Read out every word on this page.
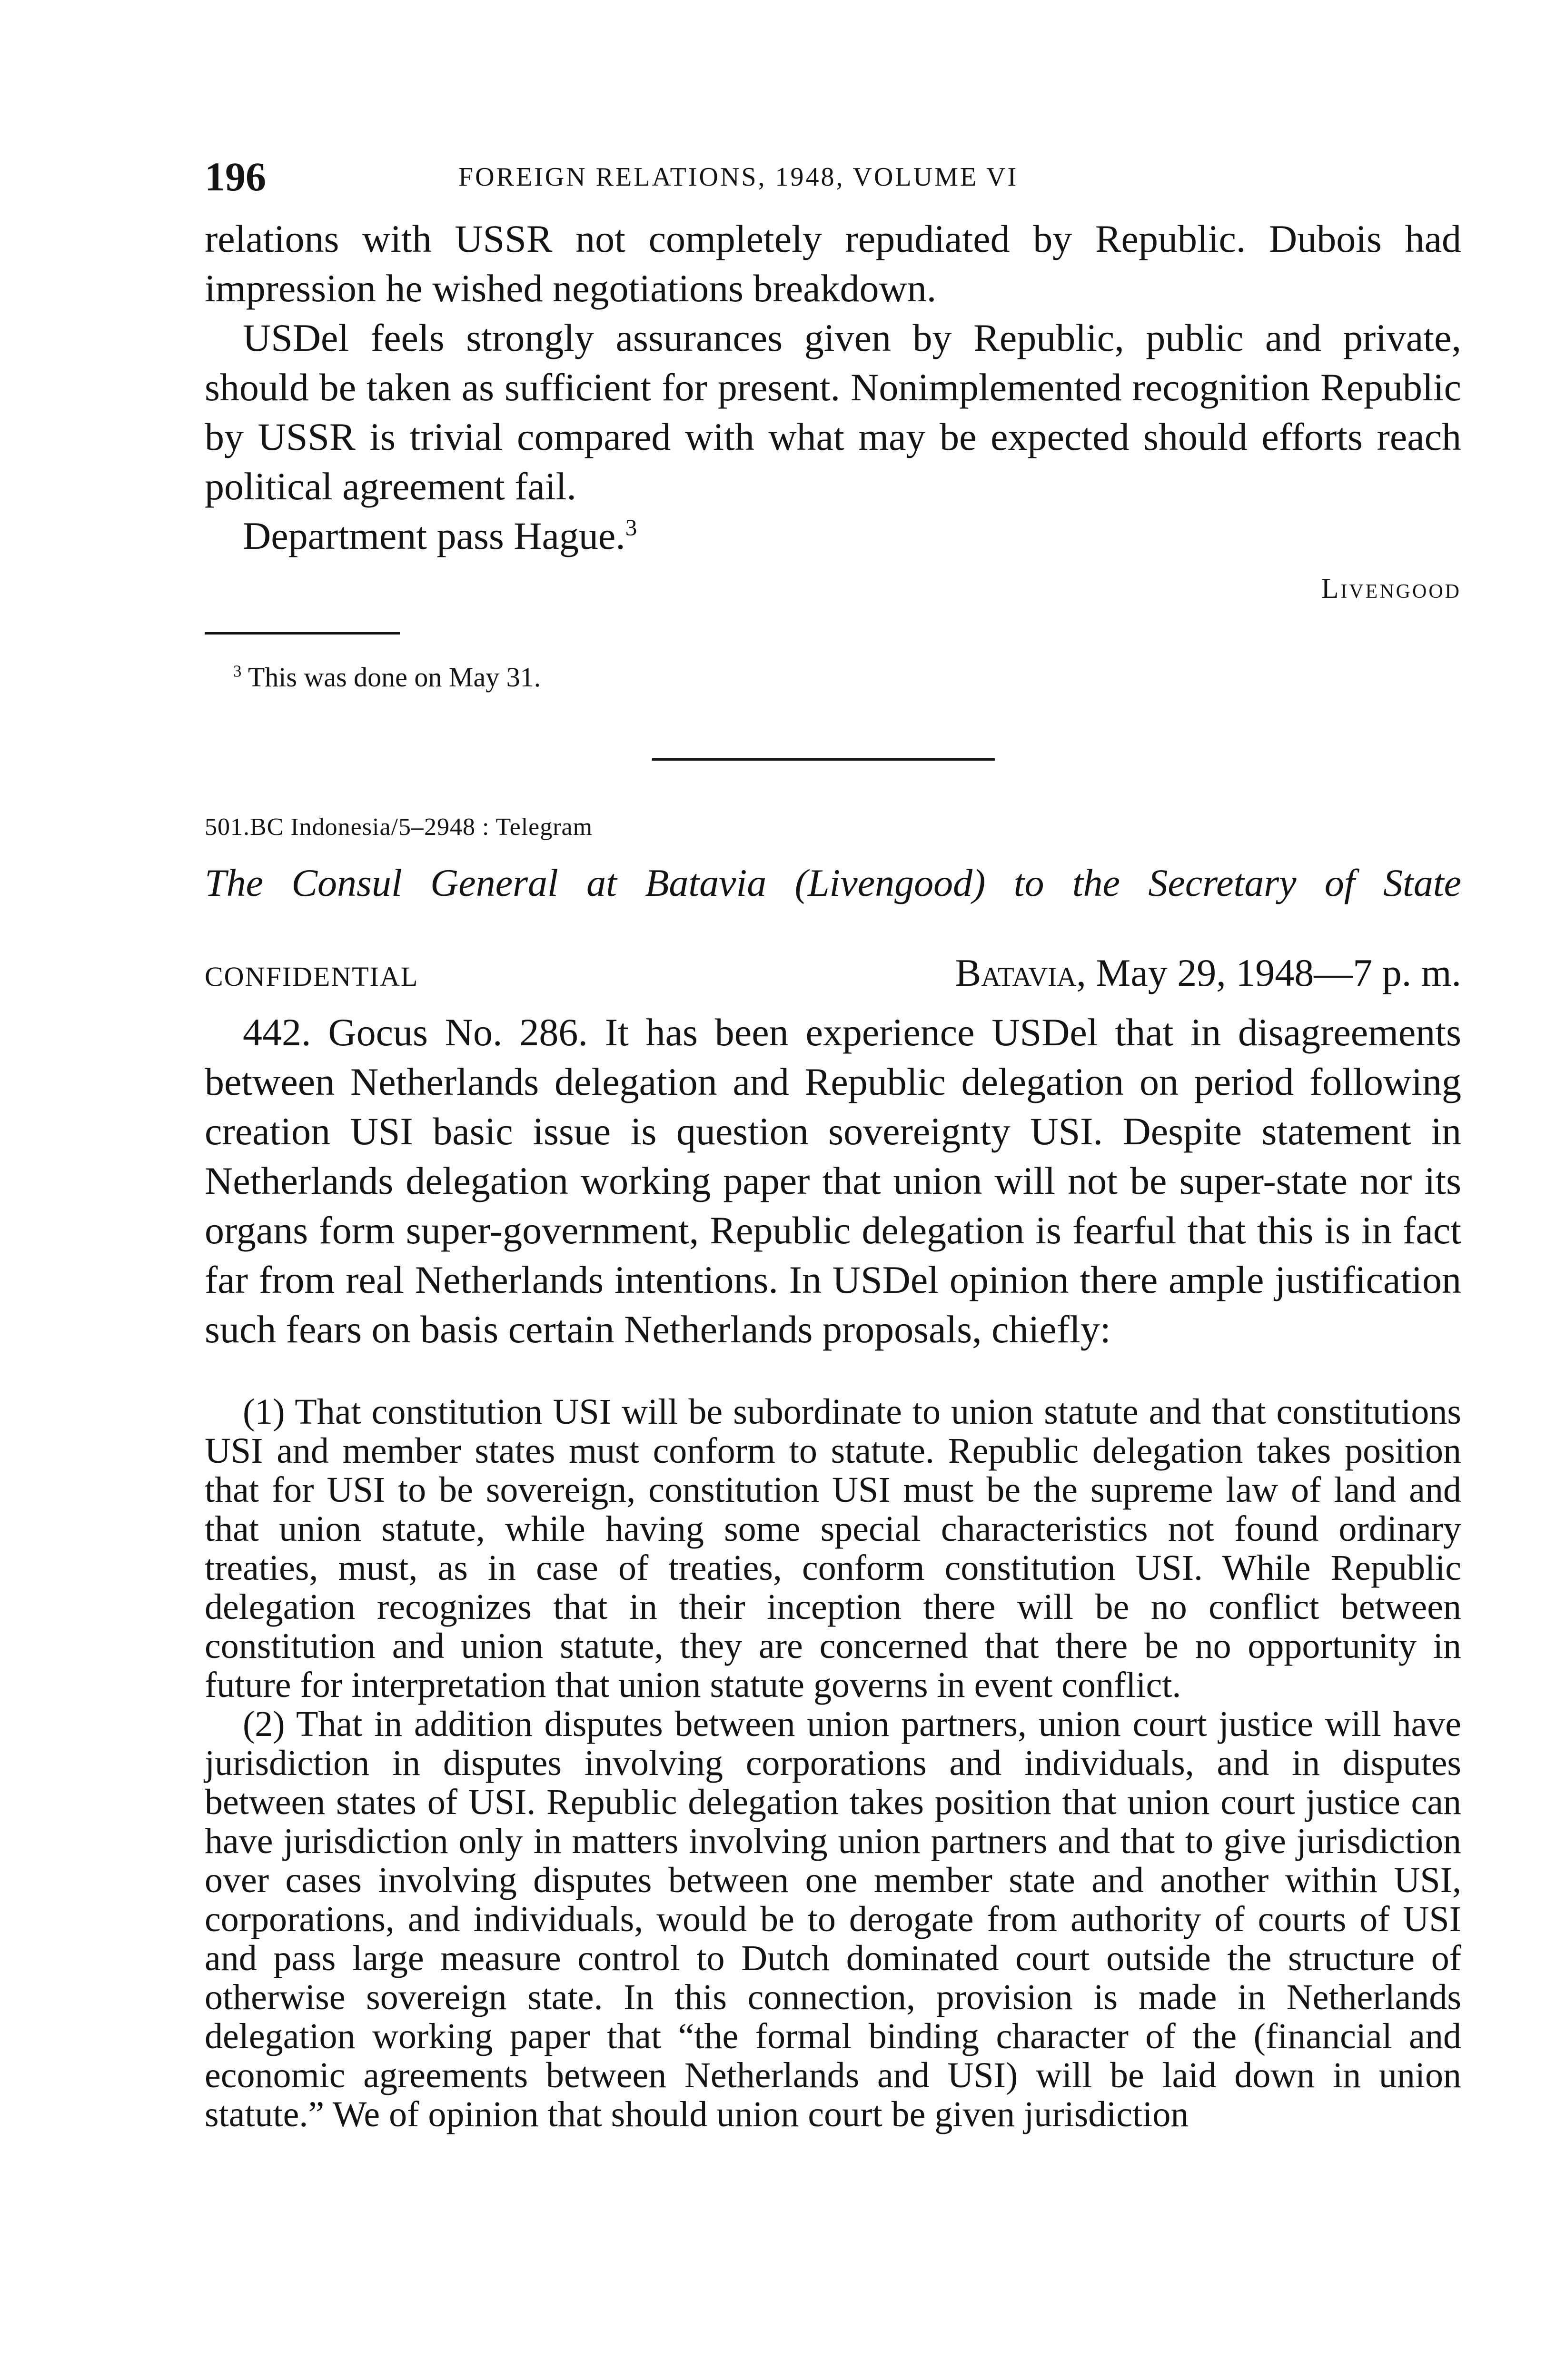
196	FOREIGN RELATIONS, 1948, VOLUME VI

relations with USSR not completely repudiated by Republic. Dubois had impression he wished negotiations breakdown.

USDel feels strongly assurances given by Republic, public and private, should be taken as sufficient for present. Nonimplemented recognition Republic by USSR is trivial compared with what may be expected should efforts reach political agreement fail.

Department pass Hague.$^3$

Livengood
$^3$ This was done on May 31.
501.BC Indonesia/5–2948 : Telegram
The Consul General at Batavia (Livengood) to the Secretary of State
CONFIDENTIAL	Batavia, May 29, 1948—7 p. m.

442. Gocus No. 286. It has been experience USDel that in disagreements between Netherlands delegation and Republic delegation on period following creation USI basic issue is question sovereignty USI. Despite statement in Netherlands delegation working paper that union will not be super-state nor its organs form super-government, Republic delegation is fearful that this is in fact far from real Netherlands intentions. In USDel opinion there ample justification such fears on basis certain Netherlands proposals, chiefly:

(1) That constitution USI will be subordinate to union statute and that constitutions USI and member states must conform to statute. Republic delegation takes position that for USI to be sovereign, constitution USI must be the supreme law of land and that union statute, while having some special characteristics not found ordinary treaties, must, as in case of treaties, conform constitution USI. While Republic delegation recognizes that in their inception there will be no conflict between constitution and union statute, they are concerned that there be no opportunity in future for interpretation that union statute governs in event conflict.

(2) That in addition disputes between union partners, union court justice will have jurisdiction in disputes involving corporations and individuals, and in disputes between states of USI. Republic delegation takes position that union court justice can have jurisdiction only in matters involving union partners and that to give jurisdiction over cases involving disputes between one member state and another within USI, corporations, and individuals, would be to derogate from authority of courts of USI and pass large measure control to Dutch dominated court outside the structure of otherwise sovereign state. In this connection, provision is made in Netherlands delegation working paper that “the formal binding character of the (financial and economic agreements between Netherlands and USI) will be laid down in union statute.” We of opinion that should union court be given jurisdiction
